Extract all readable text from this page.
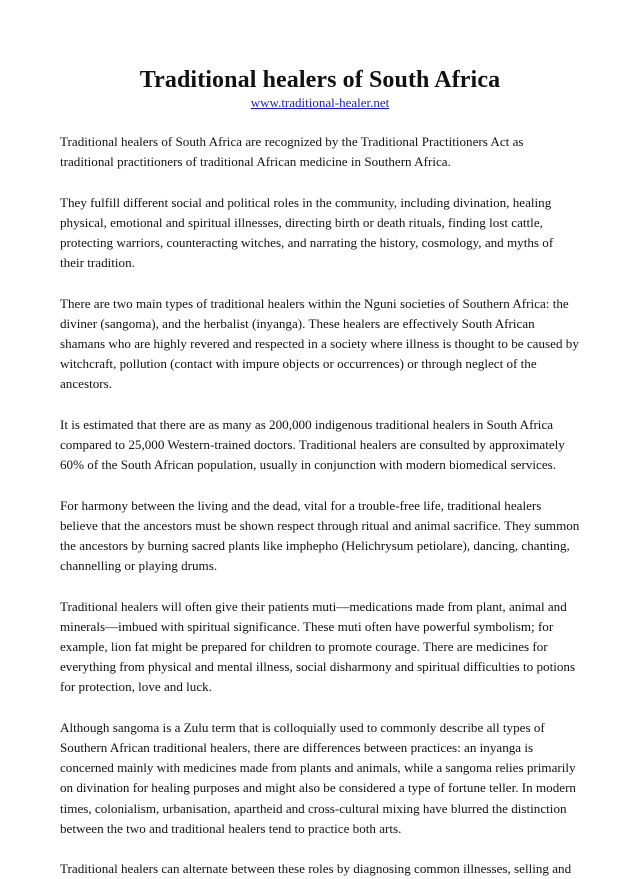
Traditional healers of South Africa
www.traditional-healer.net

Traditional healers of South Africa are recognized by the Traditional Practitioners Act as traditional practitioners of traditional African medicine in Southern Africa.

They fulfill different social and political roles in the community, including divination, healing physical, emotional and spiritual illnesses, directing birth or death rituals, finding lost cattle, protecting warriors, counteracting witches, and narrating the history, cosmology, and myths of their tradition.

There are two main types of traditional healers within the Nguni societies of Southern Africa: the diviner (sangoma), and the herbalist (inyanga). These healers are effectively South African shamans who are highly revered and respected in a society where illness is thought to be caused by witchcraft, pollution (contact with impure objects or occurrences) or through neglect of the ancestors.

It is estimated that there are as many as 200,000 indigenous traditional healers in South Africa compared to 25,000 Western-trained doctors. Traditional healers are consulted by approximately 60% of the South African population, usually in conjunction with modern biomedical services.

For harmony between the living and the dead, vital for a trouble-free life, traditional healers believe that the ancestors must be shown respect through ritual and animal sacrifice. They summon the ancestors by burning sacred plants like imphepho (Helichrysum petiolare), dancing, chanting, channelling or playing drums.

Traditional healers will often give their patients muti—medications made from plant, animal and minerals—imbued with spiritual significance. These muti often have powerful symbolism; for example, lion fat might be prepared for children to promote courage. There are medicines for everything from physical and mental illness, social disharmony and spiritual difficulties to potions for protection, love and luck.

Although sangoma is a Zulu term that is colloquially used to commonly describe all types of Southern African traditional healers, there are differences between practices: an inyanga is concerned mainly with medicines made from plants and animals, while a sangoma relies primarily on divination for healing purposes and might also be considered a type of fortune teller. In modern times, colonialism, urbanisation, apartheid and cross-cultural mixing have blurred the distinction between the two and traditional healers tend to practice both arts.

Traditional healers can alternate between these roles by diagnosing common illnesses, selling and
